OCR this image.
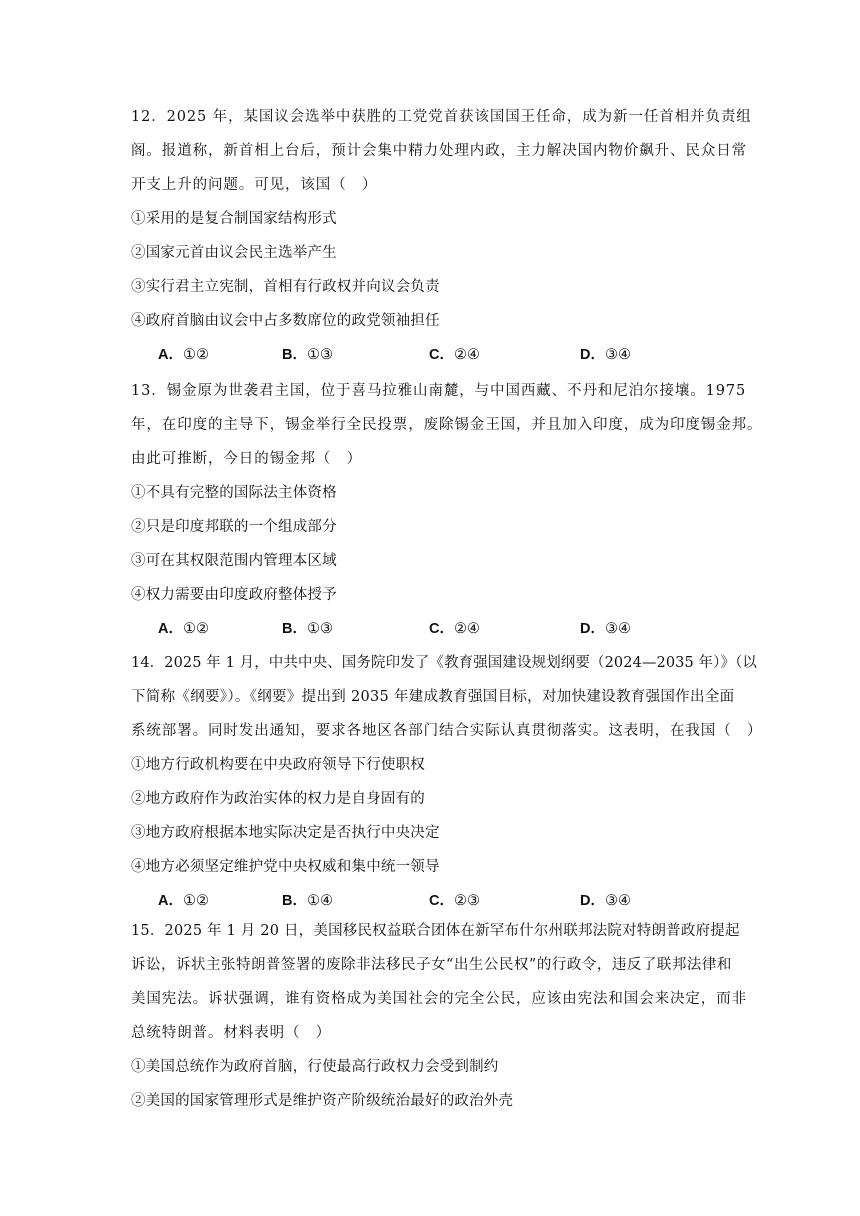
12．2025 年，某国议会选举中获胜的工党党首获该国国王任命，成为新一任首相并负责组
阁。报道称，新首相上台后，预计会集中精力处理内政，主力解决国内物价飙升、民众日常
开支上升的问题。可见，该国（　）
①采用的是复合制国家结构形式
②国家元首由议会民主选举产生
③实行君主立宪制，首相有行政权并向议会负责
④政府首脑由议会中占多数席位的政党领袖担任
A．①②	B．①③	C．②④	D．③④
13．锡金原为世袭君主国，位于喜马拉雅山南麓，与中国西藏、不丹和尼泊尔接壤。1975
年，在印度的主导下，锡金举行全民投票，废除锡金王国，并且加入印度，成为印度锡金邦。
由此可推断，今日的锡金邦（　）
①不具有完整的国际法主体资格
②只是印度邦联的一个组成部分
③可在其权限范围内管理本区域
④权力需要由印度政府整体授予
A．①②	B．①③	C．②④	D．③④
14．2025 年 1 月，中共中央、国务院印发了《教育强国建设规划纲要（2024—2035 年）》（以
下简称《纲要》）。《纲要》提出到 2035 年建成教育强国目标，对加快建设教育强国作出全面
系统部署。同时发出通知，要求各地区各部门结合实际认真贯彻落实。这表明，在我国（　）
①地方行政机构要在中央政府领导下行使职权
②地方政府作为政治实体的权力是自身固有的
③地方政府根据本地实际决定是否执行中央决定
④地方必须坚定维护党中央权威和集中统一领导
A．①②	B．①④	C．②③	D．③④
15．2025 年 1 月 20 日，美国移民权益联合团体在新罕布什尔州联邦法院对特朗普政府提起
诉讼，诉状主张特朗普签署的废除非法移民子女“出生公民权”的行政令，违反了联邦法律和
美国宪法。诉状强调，谁有资格成为美国社会的完全公民，应该由宪法和国会来决定，而非
总统特朗普。材料表明（　）
①美国总统作为政府首脑，行使最高行政权力会受到制约
②美国的国家管理形式是维护资产阶级统治最好的政治外壳
